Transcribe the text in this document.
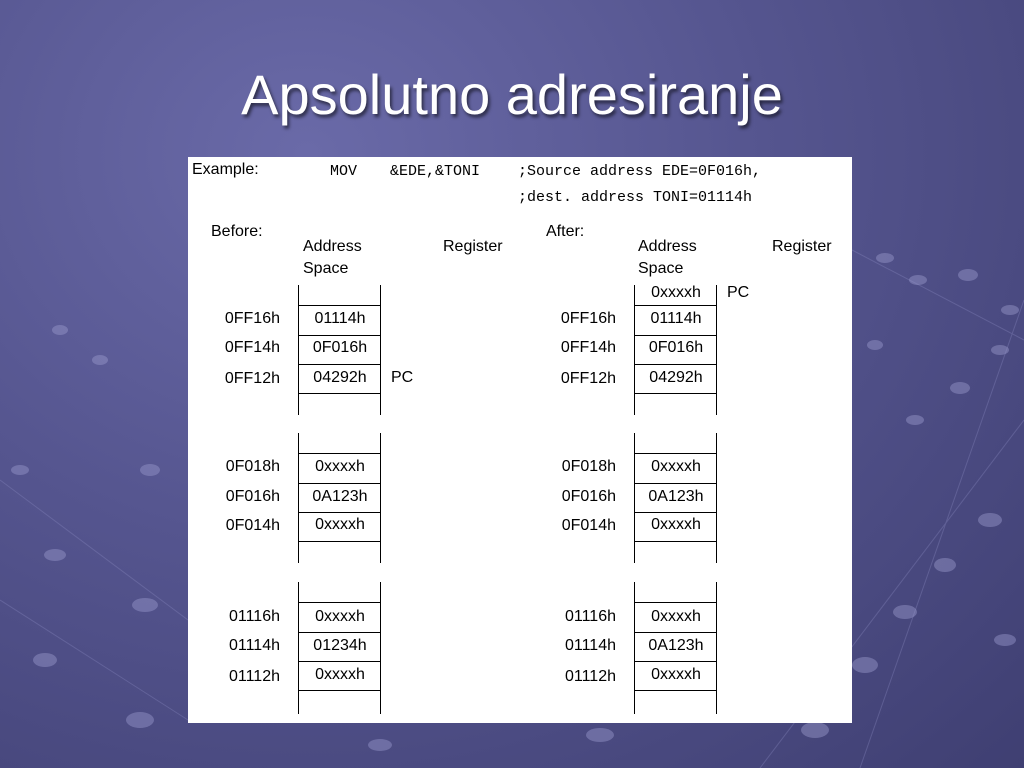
Apsolutno adresiranje
Example:	MOV &EDE,&TONI	;Source address EDE=0F016h,
;dest. address TONI=01114h
Before:
Address
Space
Register
0FF16h	01114h
0FF14h	0F016h
0FF12h	04292h	PC
0F018h	0xxxxh
0F016h	0A123h
0F014h	0xxxxh
01116h	0xxxxh
01114h	01234h
01112h	0xxxxh
After:
Address
Space
Register
0xxxxh	PC
0FF16h	01114h
0FF14h	0F016h
0FF12h	04292h
0F018h	0xxxxh
0F016h	0A123h
0F014h	0xxxxh
01116h	0xxxxh
01114h	0A123h
01112h	0xxxxh
